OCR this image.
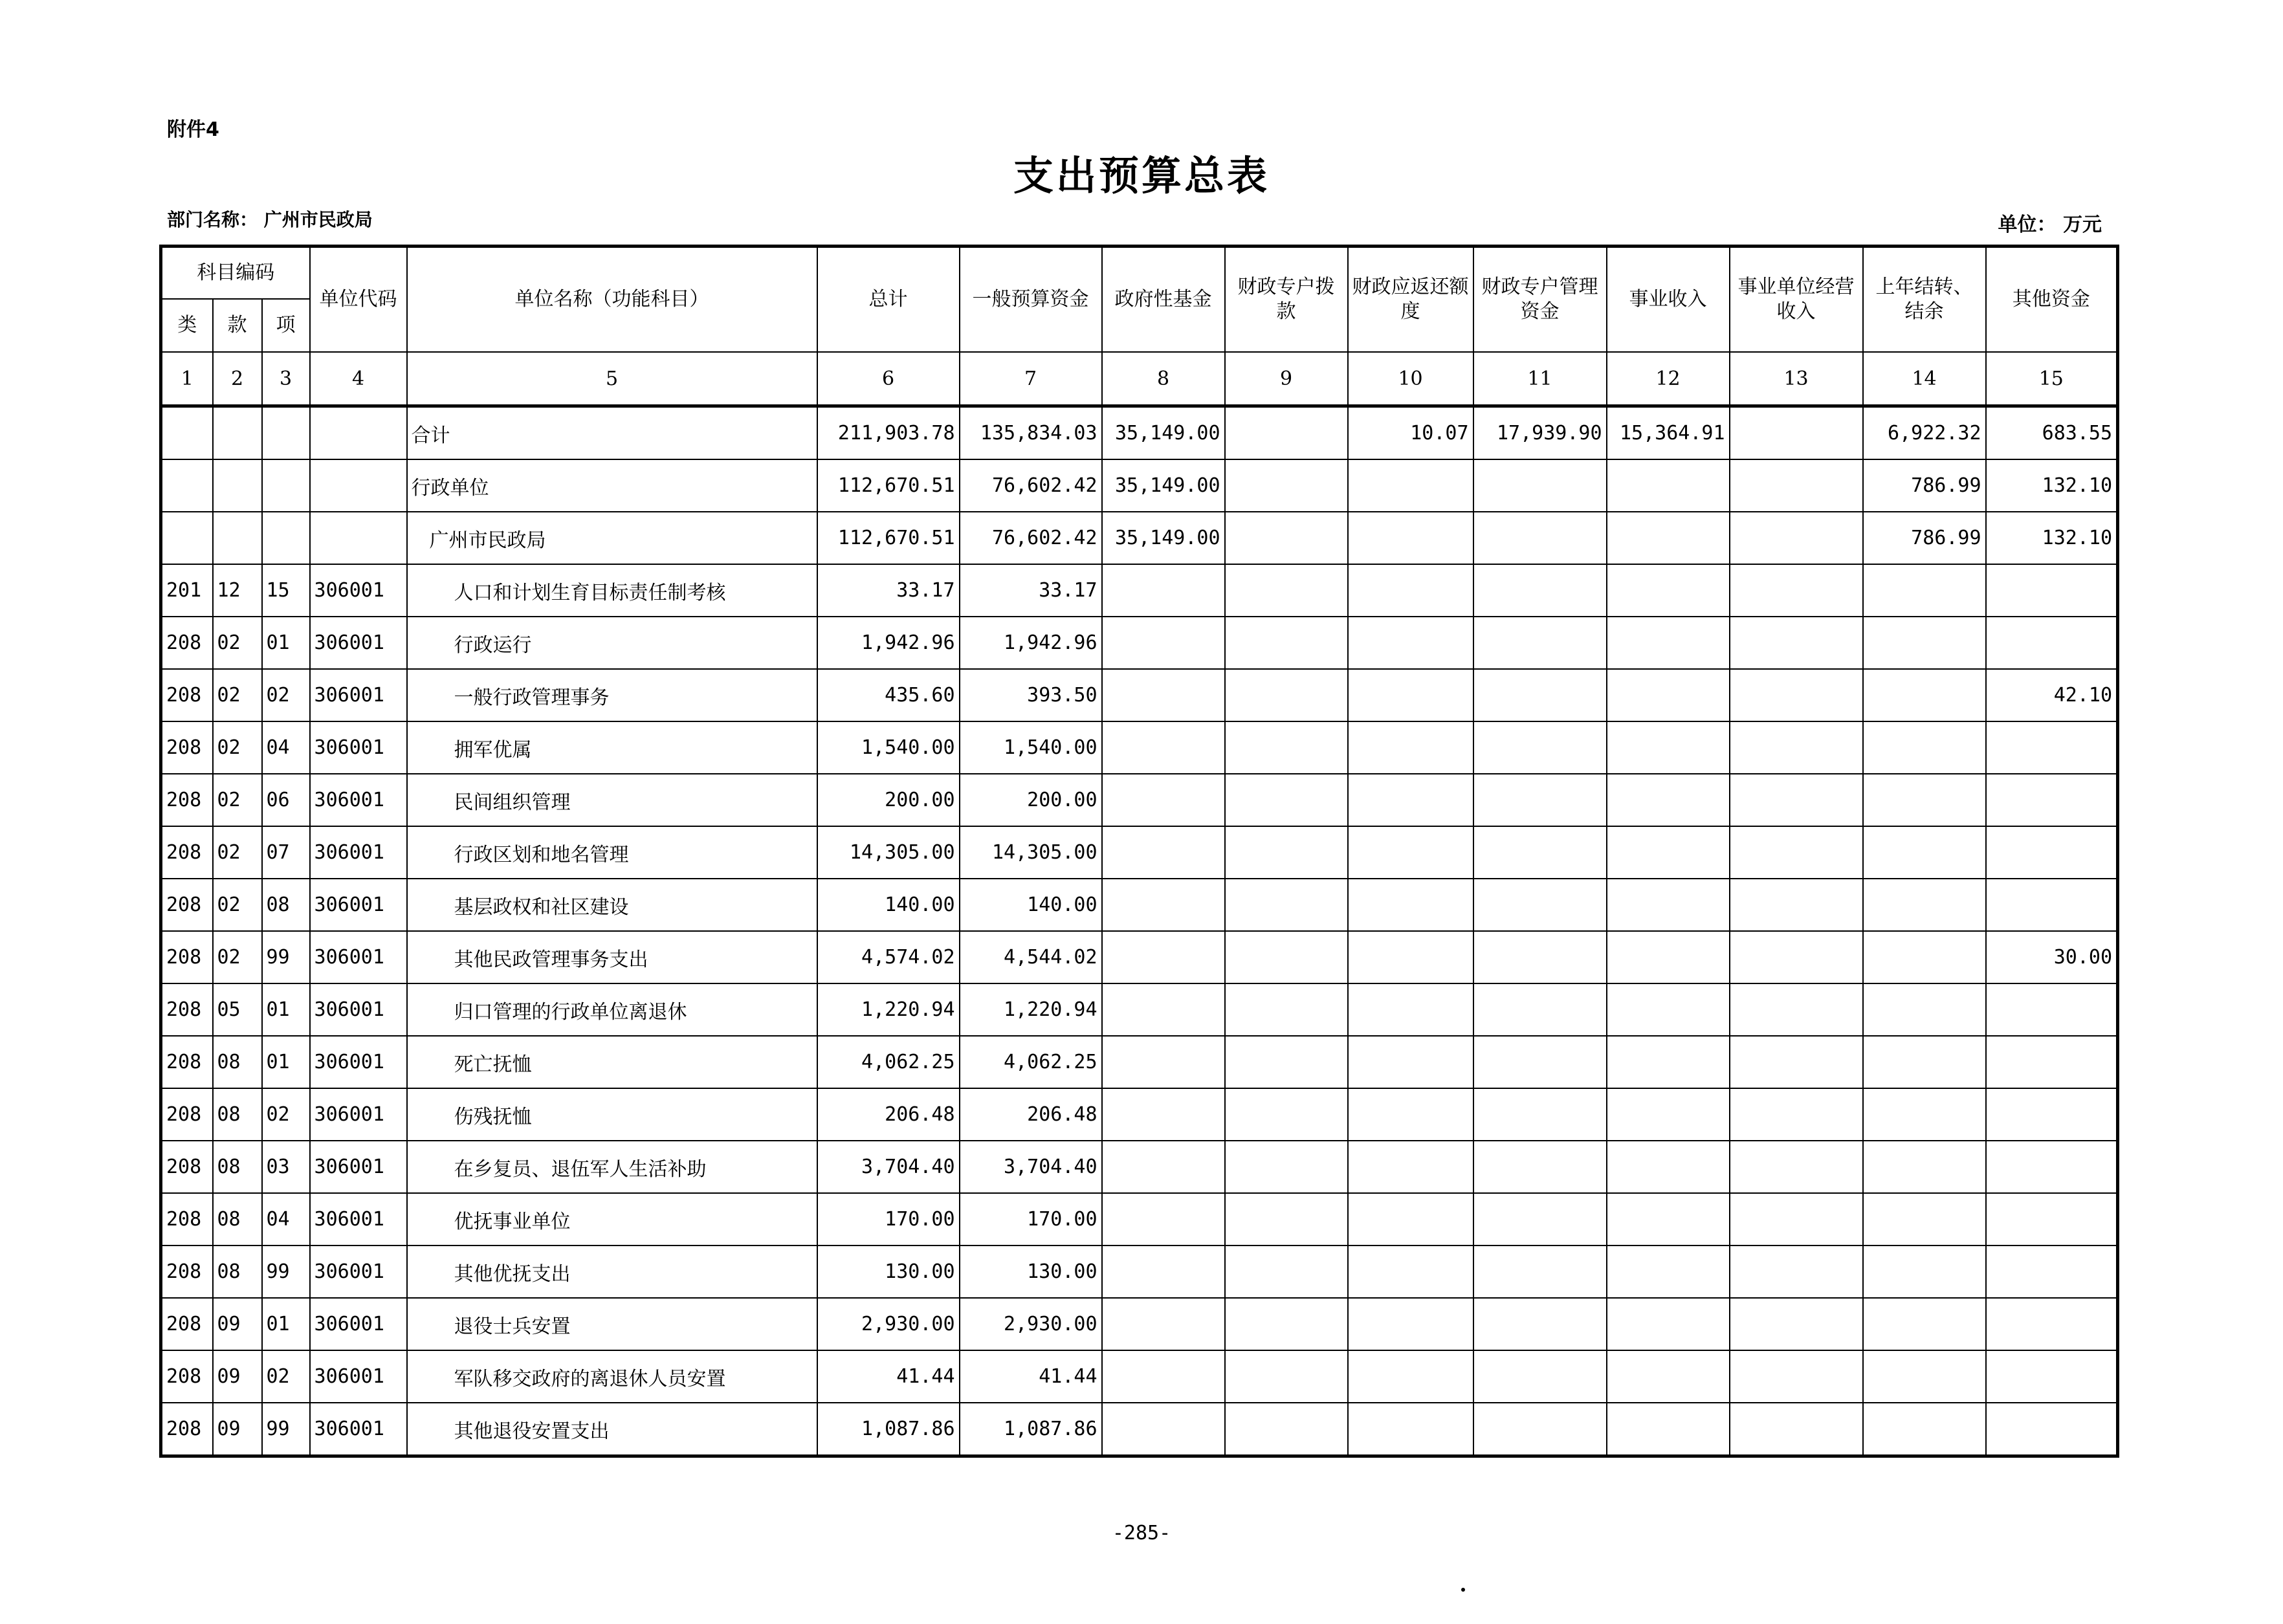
附件4
支出预算总表
部门名称： 广州市民政局	单位： 万元
科目编码			单位代码	单位名称（功能科目）	总计	一般预算资金	政府性基金	财政专户拨款	财政应返还额度	财政专户管理资金	事业收入	事业单位经营收入	上年结转、结余	其他资金
类	款	项												
1	2	3	4	5	6	7	8	9	10	11	12	13	14	15
				合计	211,903.78	135,834.03	35,149.00		10.07	17,939.90	15,364.91		6,922.32	683.55
				行政单位	112,670.51	76,602.42	35,149.00						786.99	132.10
				广州市民政局	112,670.51	76,602.42	35,149.00						786.99	132.10
201	12	15	306001	人口和计划生育目标责任制考核	33.17	33.17								
208	02	01	306001	行政运行	1,942.96	1,942.96								
208	02	02	306001	一般行政管理事务	435.60	393.50								42.10
208	02	04	306001	拥军优属	1,540.00	1,540.00								
208	02	06	306001	民间组织管理	200.00	200.00								
208	02	07	306001	行政区划和地名管理	14,305.00	14,305.00								
208	02	08	306001	基层政权和社区建设	140.00	140.00								
208	02	99	306001	其他民政管理事务支出	4,574.02	4,544.02								30.00
208	05	01	306001	归口管理的行政单位离退休	1,220.94	1,220.94								
208	08	01	306001	死亡抚恤	4,062.25	4,062.25								
208	08	02	306001	伤残抚恤	206.48	206.48								
208	08	03	306001	在乡复员、退伍军人生活补助	3,704.40	3,704.40								
208	08	04	306001	优抚事业单位	170.00	170.00								
208	08	99	306001	其他优抚支出	130.00	130.00								
208	09	01	306001	退役士兵安置	2,930.00	2,930.00								
208	09	02	306001	军队移交政府的离退休人员安置	41.44	41.44								
208	09	99	306001	其他退役安置支出	1,087.86	1,087.86								
-285-
